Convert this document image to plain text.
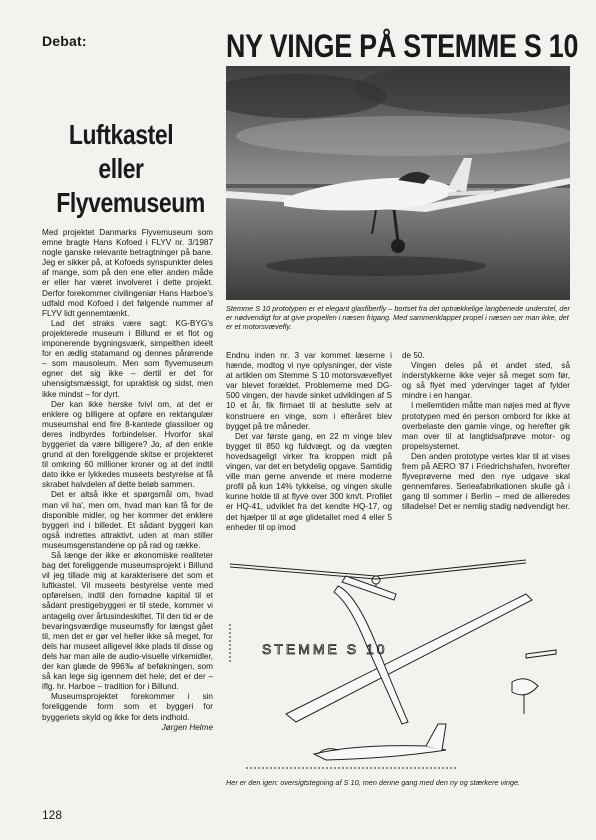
Debat:
Luftkastel
eller
Flyvemuseum

Med projektet Danmarks Flyvemuseum som emne bragte Hans Kofoed i FLYV nr. 3/1987 nogle ganske relevante betragtninger på bane. Jeg er sikker på, at Kofoeds synspunkter deles af mange, som på den ene eller anden måde er eller har været involveret i dette projekt. Derfor forekommer civilingeniør Hans Harboe's udfald mod Kofoed i det følgende nummer af FLYV lidt gennemtænkt.

Lad det straks være sagt: KG-BYG's projekterede museum i Billund er et flot og imponerende bygningsværk, simpelthen ideelt for en ædlig statamand og dennes pårørende – som mausoleum. Men som flyvemuseum egner det sig ikke – dertil er det for uhensigtsmæssigt, for upraktisk og sidst, men ikke mindst – for dyrt.

Der kan ikke herske tvivl om, at det er enklere og billigere at opføre en rektangulær museumshal end fire 8-kantede glassiloer og deres indbyrdes forbindelser. Hvorfor skal byggeriet da være billigere? Jo, af den enkle grund at den foreliggende skitse er projekteret til omkring 60 millioner kroner og at det indtil dato ikke er lykkedes museets bestyrelse at få skrabet halvdelen af dette beløb sammen.

Det er altså ikke et spørgsmål om, hvad man vil ha', men om, hvad man kan få for de disponible midler, og her kommer det enklere byggeri ind i billedet. Et sådant byggeri kan også indrettes attraktivt, uden at man stiller museumsgenstandene op på rad og række.

Så længe der ikke er økonomiske realiteter bag det foreliggende museumsprojekt i Billund vil jeg tillade mig at karakterisere det som et luftkastel. Vil museets bestyrelse vente med opførelsen, indtil den fornødne kapital til et sådant prestigebyggeri er til stede, kommer vi antagelig over årtusindeskiftet. Til den tid er de bevaringsværdige museumsfly for længst gået til, men det er gør vel heller ikke så meget, for dels har museet alligevel ikke plads til disse og dels har man alle de audio-visuelle virkemidler, der kan glæde de 996‰ af beføkningen, som så kan lege sig igennem det hele; det er der – iflg. hr. Harboe – tradition for i Billund.

Museumsprojektet forekommer i sin foreliggende form som et byggeri for byggeriets skyld og ikke for dets indhold.

Jørgen Helme

NY VINGE PÅ STEMME S 10
Stemme S 10 prototypen er et elegant glasfiberfly – bortset fra det optrækkelige langbenede understel, der er nødvendigt for at give propellen i næsen frigang. Med sammenklappet propel i næsen ser man ikke, det er et motorsvævefly.

Endnu inden nr. 3 var kommet læserne i hænde, modtog vi nye oplysninger, der viste at artiklen om Stemme S 10 motorsvæveflyet var blevet forældet. Problemerne med DG-500 vingen, der havde sinket udviklingen af S 10 et år, fik firmaet til at beslutte selv at konstruere en vinge, som i efteråret blev bygget på tre måneder.

Det var første gang, en 22 m vinge blev bygget til 850 kg fuldvægt, og da vægten hovedsageligt virker fra kroppen midt på vingen, var det en betydelig opgave. Samtidig ville man gerne anvende et mere moderne profil på kun 14% tykkelse, og vingen skulle kunne holde til at flyve over 300 km/t. Profilet er HQ-41, udviklet fra det kendte HQ-17, og det hjælper til at øge glidetallet med 4 eller 5 enheder til op imod

de 50.

Vingen deles på et andet sted, så inderstykkerne ikke vejer så meget som før, og så flyet med ydervinger taget af fylder mindre i en hangar.

I mellemtiden måtte man nøjes med at flyve prototypen med én person ombord for ikke at overbelaste den gamle vinge, og herefter gik man over til at langtidsafprøve motor- og propelsystemet.

Den anden prototype vertes klar til at vises frem på AERO '87 i Friedrichshafen, hvorefter flyveprøverne med den nye udgave skal gennemføres. Serieafabrikationen skulle gå i gang til sommer i Berlin – med de allieredes tilladelse! Det er nemlig stadig nødvendigt her.

STEMME S 10
Her er den igen: oversigtstegning af S 10, men denne gang med den ny og stærkere vinge.
128
